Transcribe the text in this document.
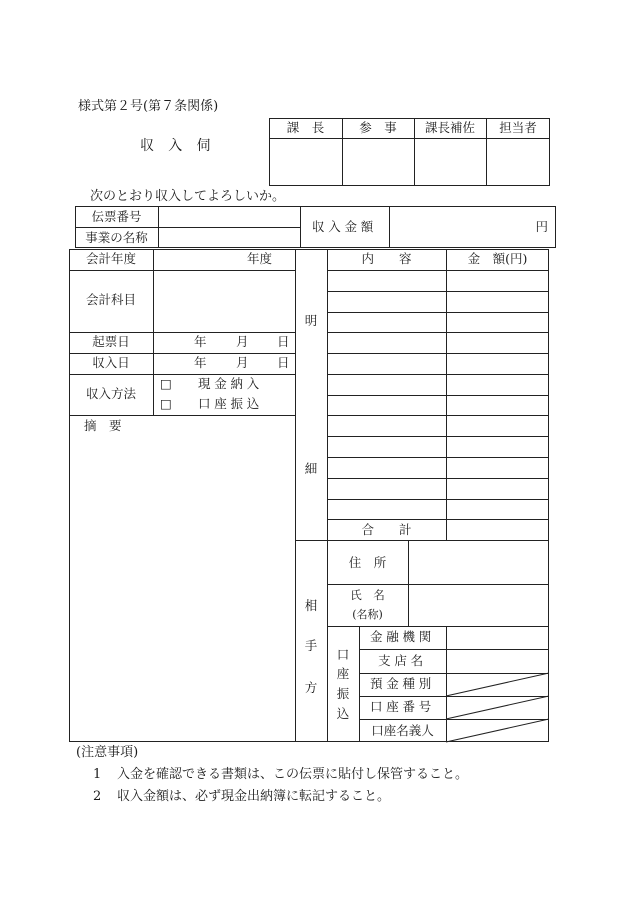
様式第２号(第７条関係)
収 入 伺
課　長	参　事	課長補佐	担当者
次のとおり収入してよろしいか。
伝票番号
事業の名称
収入金額	円
会計年度	年度
会計科目
起票日	年 月 日
収入日	年 月 日
収入方法
□ 現金納入
□ 口座振込
摘　要
明
細
内　　容	金　額(円)
合　　計
相
手
方
住　所
氏　名
(名称)
口
座
振
込
金融機関
支店名
預金種別
口座番号
口座名義人
(注意事項)
1 入金を確認できる書類は、この伝票に貼付し保管すること。
2 収入金額は、必ず現金出納簿に転記すること。
